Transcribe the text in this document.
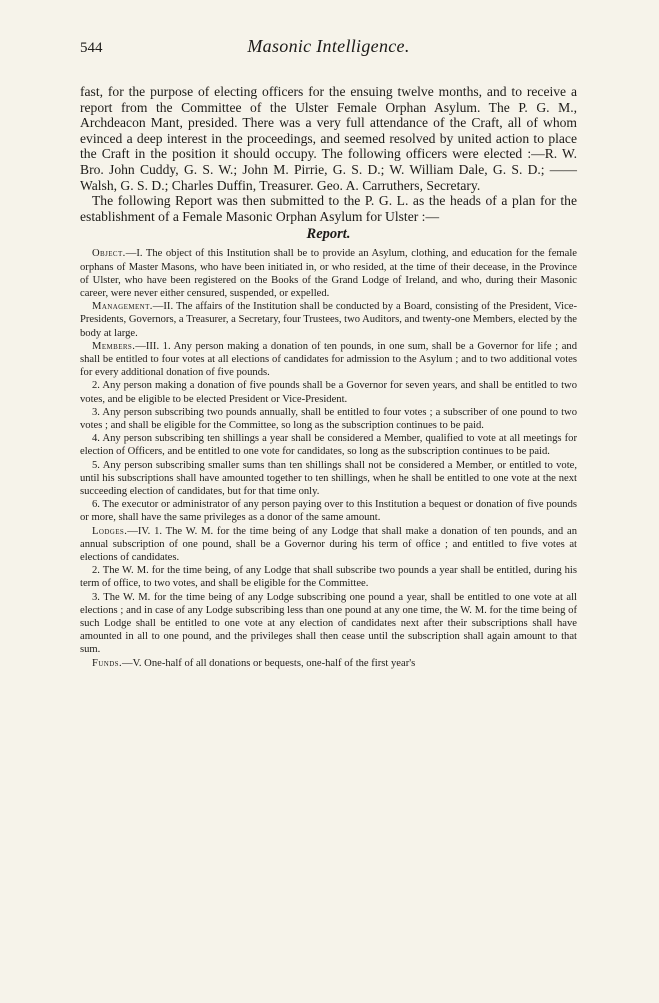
544	Masonic Intelligence.

fast, for the purpose of electing officers for the ensuing twelve months, and to receive a report from the Committee of the Ulster Female Orphan Asylum. The P. G. M., Archdeacon Mant, presided. There was a very full attendance of the Craft, all of whom evinced a deep interest in the proceedings, and seemed resolved by united action to place the Craft in the position it should occupy. The following officers were elected :—R. W. Bro. John Cuddy, G. S. W.; John M. Pirrie, G. S. D.; W. William Dale, G. S. D.; —— Walsh, G. S. D.; Charles Duffin, Treasurer. Geo. A. Carruthers, Secretary.

The following Report was then submitted to the P. G. L. as the heads of a plan for the establishment of a Female Masonic Orphan Asylum for Ulster :—

Report.

Object.—I. The object of this Institution shall be to provide an Asylum, clothing, and education for the female orphans of Master Masons, who have been initiated in, or who resided, at the time of their decease, in the Province of Ulster, who have been registered on the Books of the Grand Lodge of Ireland, and who, during their Masonic career, were never either censured, suspended, or expelled.

Management.—II. The affairs of the Institution shall be conducted by a Board, consisting of the President, Vice-Presidents, Governors, a Treasurer, a Secretary, four Trustees, two Auditors, and twenty-one Members, elected by the body at large.

Members.—III. 1. Any person making a donation of ten pounds, in one sum, shall be a Governor for life ; and shall be entitled to four votes at all elections of candidates for admission to the Asylum ; and to two additional votes for every additional donation of five pounds.

2. Any person making a donation of five pounds shall be a Governor for seven years, and shall be entitled to two votes, and be eligible to be elected President or Vice-President.

3. Any person subscribing two pounds annually, shall be entitled to four votes ; a subscriber of one pound to two votes ; and shall be eligible for the Committee, so long as the subscription continues to be paid.

4. Any person subscribing ten shillings a year shall be considered a Member, qualified to vote at all meetings for election of Officers, and be entitled to one vote for candidates, so long as the subscription continues to be paid.

5. Any person subscribing smaller sums than ten shillings shall not be considered a Member, or entitled to vote, until his subscriptions shall have amounted together to ten shillings, when he shall be entitled to one vote at the next succeeding election of candidates, but for that time only.

6. The executor or administrator of any person paying over to this Institution a bequest or donation of five pounds or more, shall have the same privileges as a donor of the same amount.

Lodges.—IV. 1. The W. M. for the time being of any Lodge that shall make a donation of ten pounds, and an annual subscription of one pound, shall be a Governor during his term of office ; and entitled to five votes at elections of candidates.

2. The W. M. for the time being, of any Lodge that shall subscribe two pounds a year shall be entitled, during his term of office, to two votes, and shall be eligible for the Committee.

3. The W. M. for the time being of any Lodge subscribing one pound a year, shall be entitled to one vote at all elections ; and in case of any Lodge subscribing less than one pound at any one time, the W. M. for the time being of such Lodge shall be entitled to one vote at any election of candidates next after their subscriptions shall have amounted in all to one pound, and the privileges shall then cease until the subscription shall again amount to that sum.

Funds.—V. One-half of all donations or bequests, one-half of the first year's
